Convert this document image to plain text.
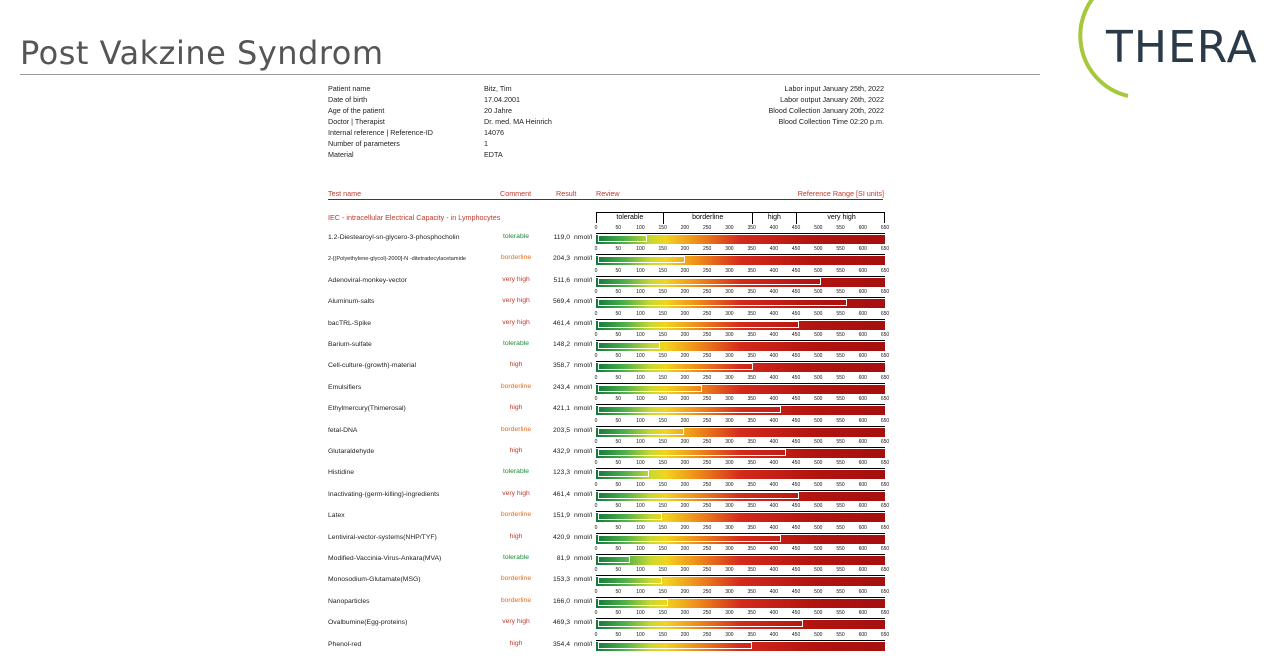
Post Vakzine Syndrom	THERA
Patient name	Bitz, Tim	Labor input January 25th, 2022
Date of birth	17.04.2001	Labor output January 26th, 2022
Age of the patient	20 Jahre	Blood Collection January 20th, 2022
Doctor | Therapist	Dr. med. MA Heinrich	Blood Collection Time 02:20 p.m.
Internal reference | Reference-ID	14076
Number of parameters	1
Material	EDTA
Test name	Comment	Result	Review	Reference Range [SI units]
IEC - intracellular Electrical Capacity - in Lymphocytes	tolerable	borderline	high	very high
1.2-Diestearoyl-sn-glycero-3-phosphocholin	tolerable	119,0 nmol/l
0	50	100	150	200	250	300	350	400	450	500	550	600	650
2-[(Polyethylene-glycol)-2000]-N -ditetradecylacetamide	borderline	204,3 nmol/l
0	50	100	150	200	250	300	350	400	450	500	550	600	650
Adenoviral-monkey-vector	very high	511,6 nmol/l
0	50	100	150	200	250	300	350	400	450	500	550	600	650
Aluminum-salts	very high	569,4 nmol/l
0	50	100	150	200	250	300	350	400	450	500	550	600	650
bacTRL-Spike	very high	461,4 nmol/l
0	50	100	150	200	250	300	350	400	450	500	550	600	650
Barium-sulfate	tolerable	148,2 nmol/l
0	50	100	150	200	250	300	350	400	450	500	550	600	650
Cell-culture-(growth)-material	high	358,7 nmol/l
0	50	100	150	200	250	300	350	400	450	500	550	600	650
Emulsifiers	borderline	243,4 nmol/l
0	50	100	150	200	250	300	350	400	450	500	550	600	650
Ethylmercury(Thimerosal)	high	421,1 nmol/l
0	50	100	150	200	250	300	350	400	450	500	550	600	650
fetal-DNA	borderline	203,5 nmol/l
0	50	100	150	200	250	300	350	400	450	500	550	600	650
Glutaraldehyde	high	432,9 nmol/l
0	50	100	150	200	250	300	350	400	450	500	550	600	650
Histidine	tolerable	123,3 nmol/l
0	50	100	150	200	250	300	350	400	450	500	550	600	650
Inactivating-(germ-killing)-ingredients	very high	461,4 nmol/l
0	50	100	150	200	250	300	350	400	450	500	550	600	650
Latex	borderline	151,9 nmol/l
0	50	100	150	200	250	300	350	400	450	500	550	600	650
Lentiviral-vector-systems(NHP/TYF)	high	420,9 nmol/l
0	50	100	150	200	250	300	350	400	450	500	550	600	650
Modified-Vaccinia-Virus-Ankara(MVA)	tolerable	81,9 nmol/l
0	50	100	150	200	250	300	350	400	450	500	550	600	650
Monosodium-Glutamate(MSG)	borderline	153,3 nmol/l
0	50	100	150	200	250	300	350	400	450	500	550	600	650
Nanoparticles	borderline	166,0 nmol/l
0	50	100	150	200	250	300	350	400	450	500	550	600	650
Ovalbumine(Egg-proteins)	very high	469,3 nmol/l
0	50	100	150	200	250	300	350	400	450	500	550	600	650
Phenol-red	high	354,4 nmol/l
0	50	100	150	200	250	300	350	400	450	500	550	600	650
